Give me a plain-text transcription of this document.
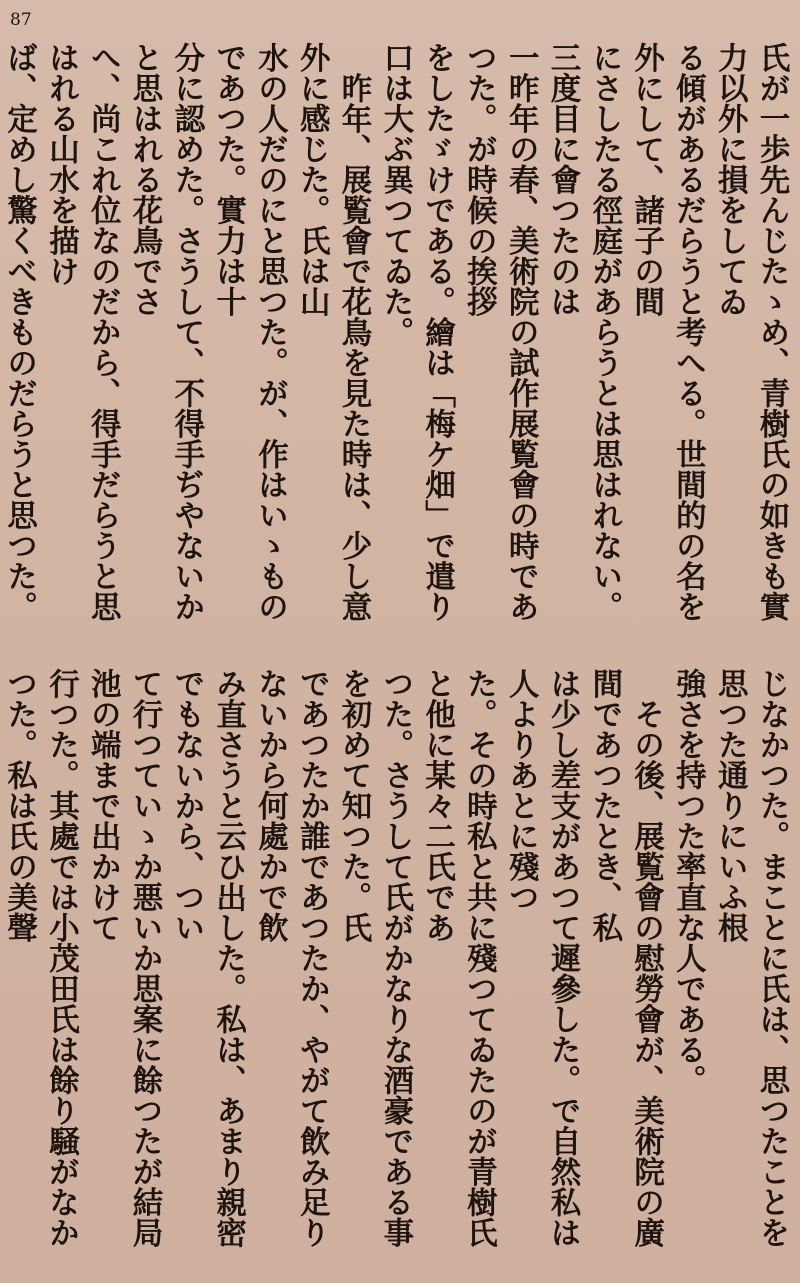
87

氏が一歩先んじたゝめ、青樹氏の如きも實力以外に損をしてゐ

る傾があるだらうと考へる。世間的の名を外にして、諸子の間

にさしたる徑庭があらうとは思はれない。三度目に會つたのは

一昨年の春、美術院の試作展覧會の時であつた。が時候の挨拶

をしたゞけである。繪は「梅ケ畑」で遣り口は大ぶ異つてゐた。

　昨年、展覧會で花鳥を見た時は、少し意外に感じた。氏は山

水の人だのにと思つた。が、作はいゝものであつた。實力は十

分に認めた。さうして、不得手ぢやないかと思はれる花鳥でさ

へ、尚これ位なのだから、得手だらうと思はれる山水を描け

ば、定めし驚くべきものだらうと思つた。

じなかつた。まことに氏は、思つたことを思つた通りにいふ根

強さを持つた率直な人である。

　その後、展覧會の慰勞會が、美術院の廣間であつたとき、私

は少し差支があつて遲參した。で自然私は人よりあとに殘つ

た。その時私と共に殘つてゐたのが青樹氏と他に某々二氏であ

つた。さうして氏がかなりな酒豪である事を初めて知つた。氏

であつたか誰であつたか、やがて飲み足りないから何處かで飲

み直さうと云ひ出した。私は、あまり親密でもないから、つい

て行つていゝか悪いか思案に餘つたが結局池の端まで出かけて

行つた。其處では小茂田氏は餘り騒がなかつた。私は氏の美聲
